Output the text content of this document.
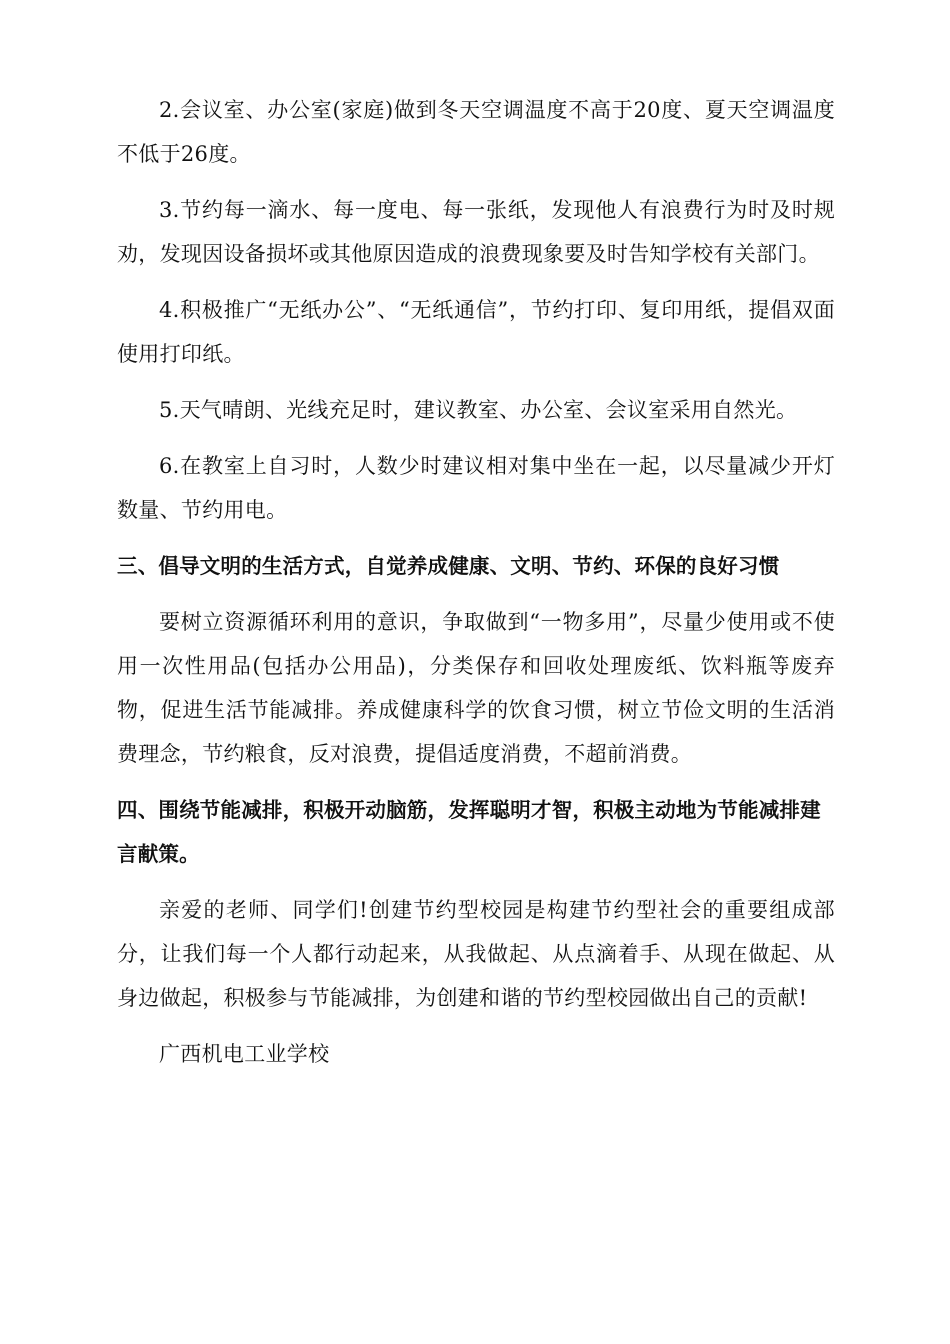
2.会议室、办公室(家庭)做到冬天空调温度不高于20度、夏天空调温度不低于26度。

3.节约每一滴水、每一度电、每一张纸，发现他人有浪费行为时及时规劝，发现因设备损坏或其他原因造成的浪费现象要及时告知学校有关部门。

4.积极推广“无纸办公”、“无纸通信”，节约打印、复印用纸，提倡双面使用打印纸。

5.天气晴朗、光线充足时，建议教室、办公室、会议室采用自然光。

6.在教室上自习时，人数少时建议相对集中坐在一起，以尽量减少开灯数量、节约用电。

三、倡导文明的生活方式，自觉养成健康、文明、节约、环保的良好习惯

要树立资源循环利用的意识，争取做到“一物多用”，尽量少使用或不使用一次性用品(包括办公用品)，分类保存和回收处理废纸、饮料瓶等废弃物，促进生活节能减排。养成健康科学的饮食习惯，树立节俭文明的生活消费理念，节约粮食，反对浪费，提倡适度消费，不超前消费。

四、围绕节能减排，积极开动脑筋，发挥聪明才智，积极主动地为节能减排建言献策。

亲爱的老师、同学们!创建节约型校园是构建节约型社会的重要组成部分，让我们每一个人都行动起来，从我做起、从点滴着手、从现在做起、从身边做起，积极参与节能减排，为创建和谐的节约型校园做出自己的贡献!

广西机电工业学校
